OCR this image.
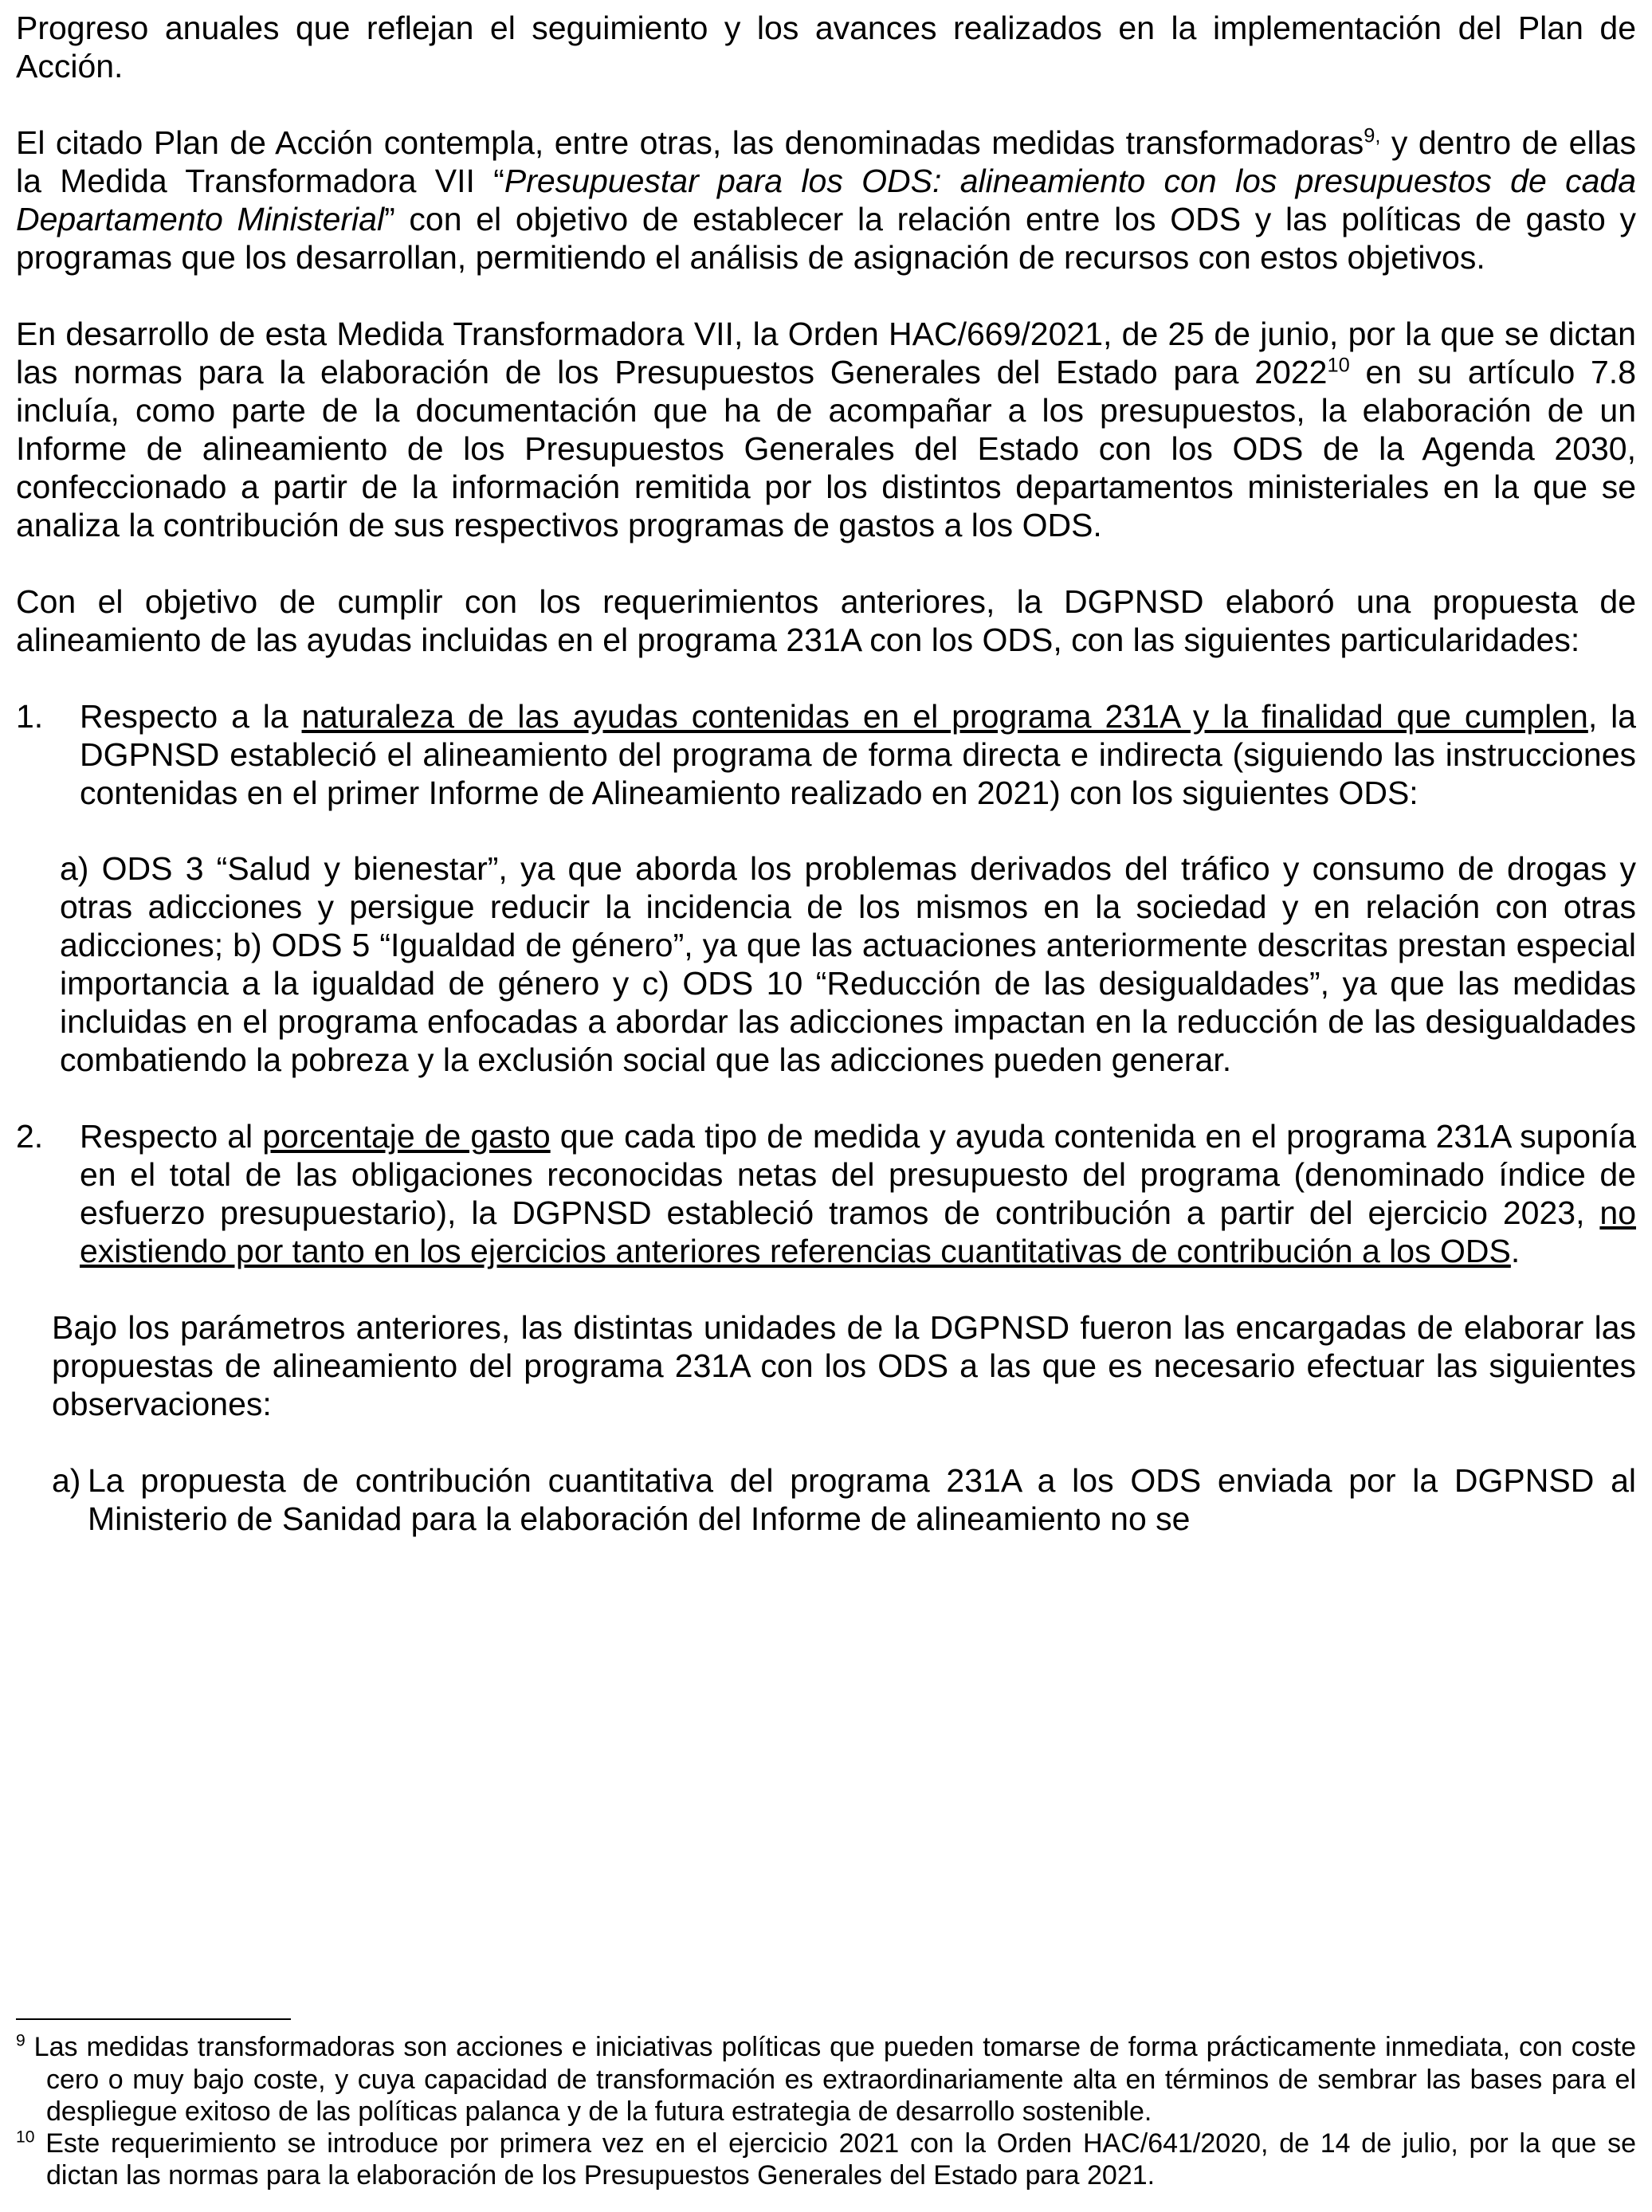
Progreso anuales que reflejan el seguimiento y los avances realizados en la implementación del Plan de Acción.

El citado Plan de Acción contempla, entre otras, las denominadas medidas transformadoras$^{9,}$ y dentro de ellas la Medida Transformadora VII “Presupuestar para los ODS: alineamiento con los presupuestos de cada Departamento Ministerial” con el objetivo de establecer la relación entre los ODS y las políticas de gasto y programas que los desarrollan, permitiendo el análisis de asignación de recursos con estos objetivos.

En desarrollo de esta Medida Transformadora VII, la Orden HAC/669/2021, de 25 de junio, por la que se dictan las normas para la elaboración de los Presupuestos Generales del Estado para 2022$^{10}$ en su artículo 7.8 incluía, como parte de la documentación que ha de acompañar a los presupuestos, la elaboración de un Informe de alineamiento de los Presupuestos Generales del Estado con los ODS de la Agenda 2030, confeccionado a partir de la información remitida por los distintos departamentos ministeriales en la que se analiza la contribución de sus respectivos programas de gastos a los ODS.

Con el objetivo de cumplir con los requerimientos anteriores, la DGPNSD elaboró una propuesta de alineamiento de las ayudas incluidas en el programa 231A con los ODS, con las siguientes particularidades:

1.	Respecto a la naturaleza de las ayudas contenidas en el programa 231A y la finalidad que cumplen, la DGPNSD estableció el alineamiento del programa de forma directa e indirecta (siguiendo las instrucciones contenidas en el primer Informe de Alineamiento realizado en 2021) con los siguientes ODS:

a) ODS 3 “Salud y bienestar”, ya que aborda los problemas derivados del tráfico y consumo de drogas y otras adicciones y persigue reducir la incidencia de los mismos en la sociedad y en relación con otras adicciones; b) ODS 5 “Igualdad de género”, ya que las actuaciones anteriormente descritas prestan especial importancia a la igualdad de género y c) ODS 10 “Reducción de las desigualdades”, ya que las medidas incluidas en el programa enfocadas a abordar las adicciones impactan en la reducción de las desigualdades combatiendo la pobreza y la exclusión social que las adicciones pueden generar.

2.	Respecto al porcentaje de gasto que cada tipo de medida y ayuda contenida en el programa 231A suponía en el total de las obligaciones reconocidas netas del presupuesto del programa (denominado índice de esfuerzo presupuestario), la DGPNSD estableció tramos de contribución a partir del ejercicio 2023, no existiendo por tanto en los ejercicios anteriores referencias cuantitativas de contribución a los ODS.

Bajo los parámetros anteriores, las distintas unidades de la DGPNSD fueron las encargadas de elaborar las propuestas de alineamiento del programa 231A con los ODS a las que es necesario efectuar las siguientes observaciones:

a) La propuesta de contribución cuantitativa del programa 231A a los ODS enviada por la DGPNSD al Ministerio de Sanidad para la elaboración del Informe de alineamiento no se

$^9$ Las medidas transformadoras son acciones e iniciativas políticas que pueden tomarse de forma prácticamente inmediata, con coste cero o muy bajo coste, y cuya capacidad de transformación es extraordinariamente alta en términos de sembrar las bases para el despliegue exitoso de las políticas palanca y de la futura estrategia de desarrollo sostenible.

$^{10}$ Este requerimiento se introduce por primera vez en el ejercicio 2021 con la Orden HAC/641/2020, de 14 de julio, por la que se dictan las normas para la elaboración de los Presupuestos Generales del Estado para 2021.
